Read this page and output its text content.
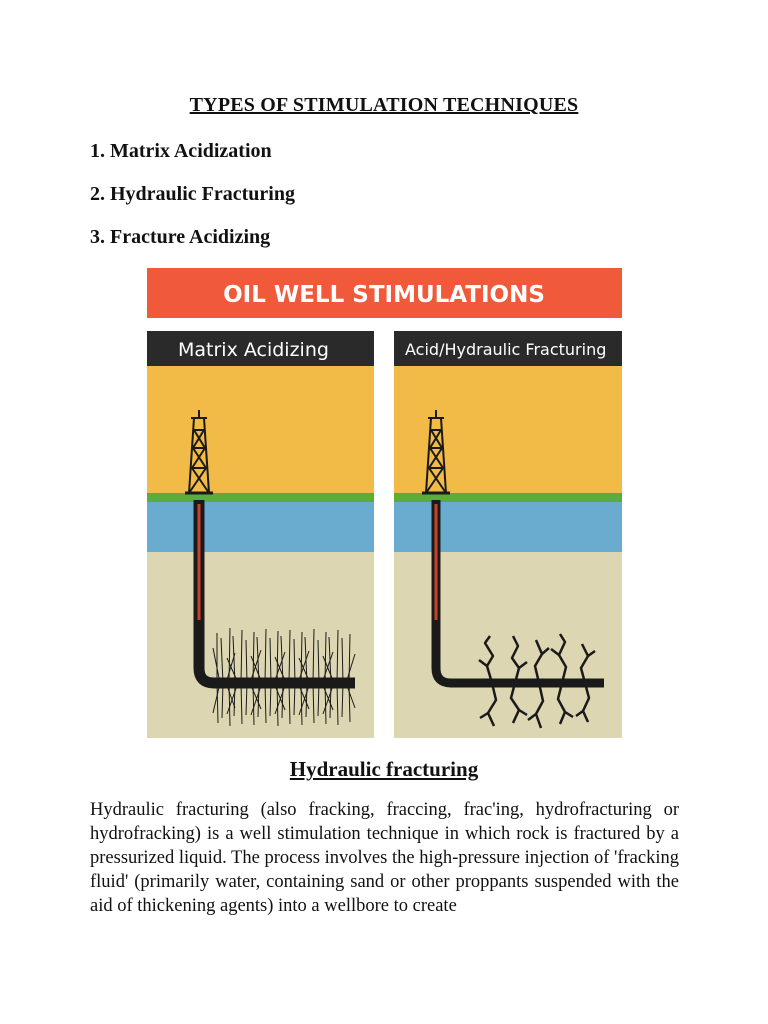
TYPES OF STIMULATION TECHNIQUES
1. Matrix Acidization
2. Hydraulic Fracturing
3. Fracture Acidizing
OIL WELL STIMULATIONS
Matrix Acidizing	Acid/Hydraulic Fracturing
Hydraulic fracturing

Hydraulic fracturing (also fracking, fraccing, frac'ing, hydrofracturing or hydrofracking) is a well stimulation technique in which rock is fractured by a pressurized liquid. The process involves the high-pressure injection of 'fracking fluid' (primarily water, containing sand or other proppants suspended with the aid of thickening agents) into a wellbore to create
